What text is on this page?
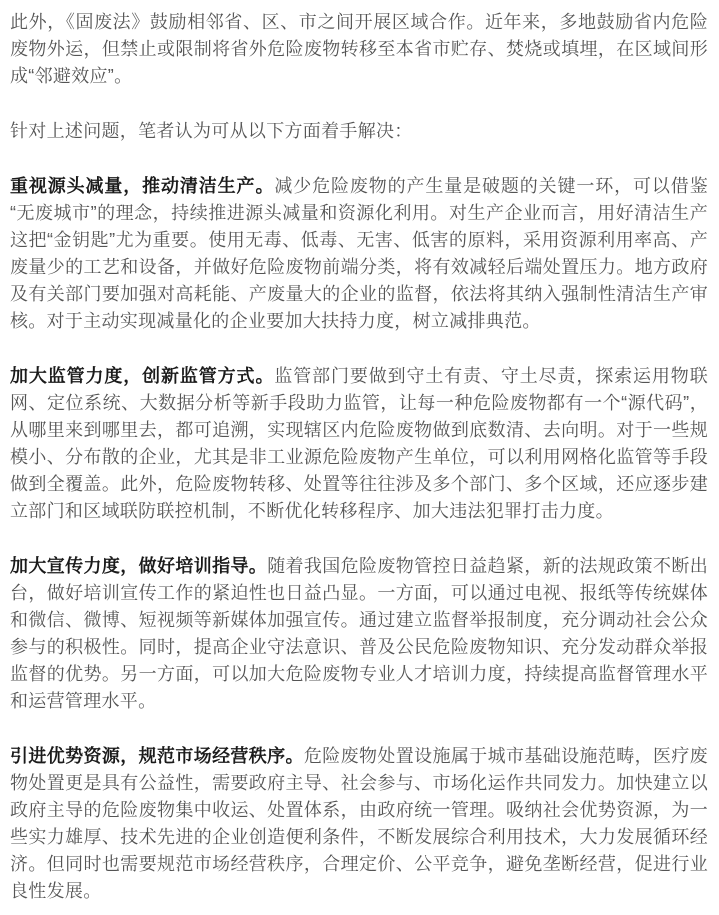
此外，《固废法》鼓励相邻省、区、市之间开展区域合作。近年来，多地鼓励省内危险废物外运，但禁止或限制将省外危险废物转移至本省市贮存、焚烧或填埋，在区域间形成“邻避效应”。

针对上述问题，笔者认为可从以下方面着手解决：

重视源头减量，推动清洁生产。减少危险废物的产生量是破题的关键一环，可以借鉴“无废城市”的理念，持续推进源头减量和资源化利用。对生产企业而言，用好清洁生产这把“金钥匙”尤为重要。使用无毒、低毒、无害、低害的原料，采用资源利用率高、产废量少的工艺和设备，并做好危险废物前端分类，将有效减轻后端处置压力。地方政府及有关部门要加强对高耗能、产废量大的企业的监督，依法将其纳入强制性清洁生产审核。对于主动实现减量化的企业要加大扶持力度，树立减排典范。

加大监管力度，创新监管方式。监管部门要做到守土有责、守土尽责，探索运用物联网、定位系统、大数据分析等新手段助力监管，让每一种危险废物都有一个“源代码”，从哪里来到哪里去，都可追溯，实现辖区内危险废物做到底数清、去向明。对于一些规模小、分布散的企业，尤其是非工业源危险废物产生单位，可以利用网格化监管等手段做到全覆盖。此外，危险废物转移、处置等往往涉及多个部门、多个区域，还应逐步建立部门和区域联防联控机制，不断优化转移程序、加大违法犯罪打击力度。

加大宣传力度，做好培训指导。随着我国危险废物管控日益趋紧，新的法规政策不断出台，做好培训宣传工作的紧迫性也日益凸显。一方面，可以通过电视、报纸等传统媒体和微信、微博、短视频等新媒体加强宣传。通过建立监督举报制度，充分调动社会公众参与的积极性。同时，提高企业守法意识、普及公民危险废物知识、充分发动群众举报监督的优势。另一方面，可以加大危险废物专业人才培训力度，持续提高监督管理水平和运营管理水平。

引进优势资源，规范市场经营秩序。危险废物处置设施属于城市基础设施范畴，医疗废物处置更是具有公益性，需要政府主导、社会参与、市场化运作共同发力。加快建立以政府主导的危险废物集中收运、处置体系，由政府统一管理。吸纳社会优势资源，为一些实力雄厚、技术先进的企业创造便利条件，不断发展综合利用技术，大力发展循环经济。但同时也需要规范市场经营秩序，合理定价、公平竞争，避免垄断经营，促进行业良性发展。
